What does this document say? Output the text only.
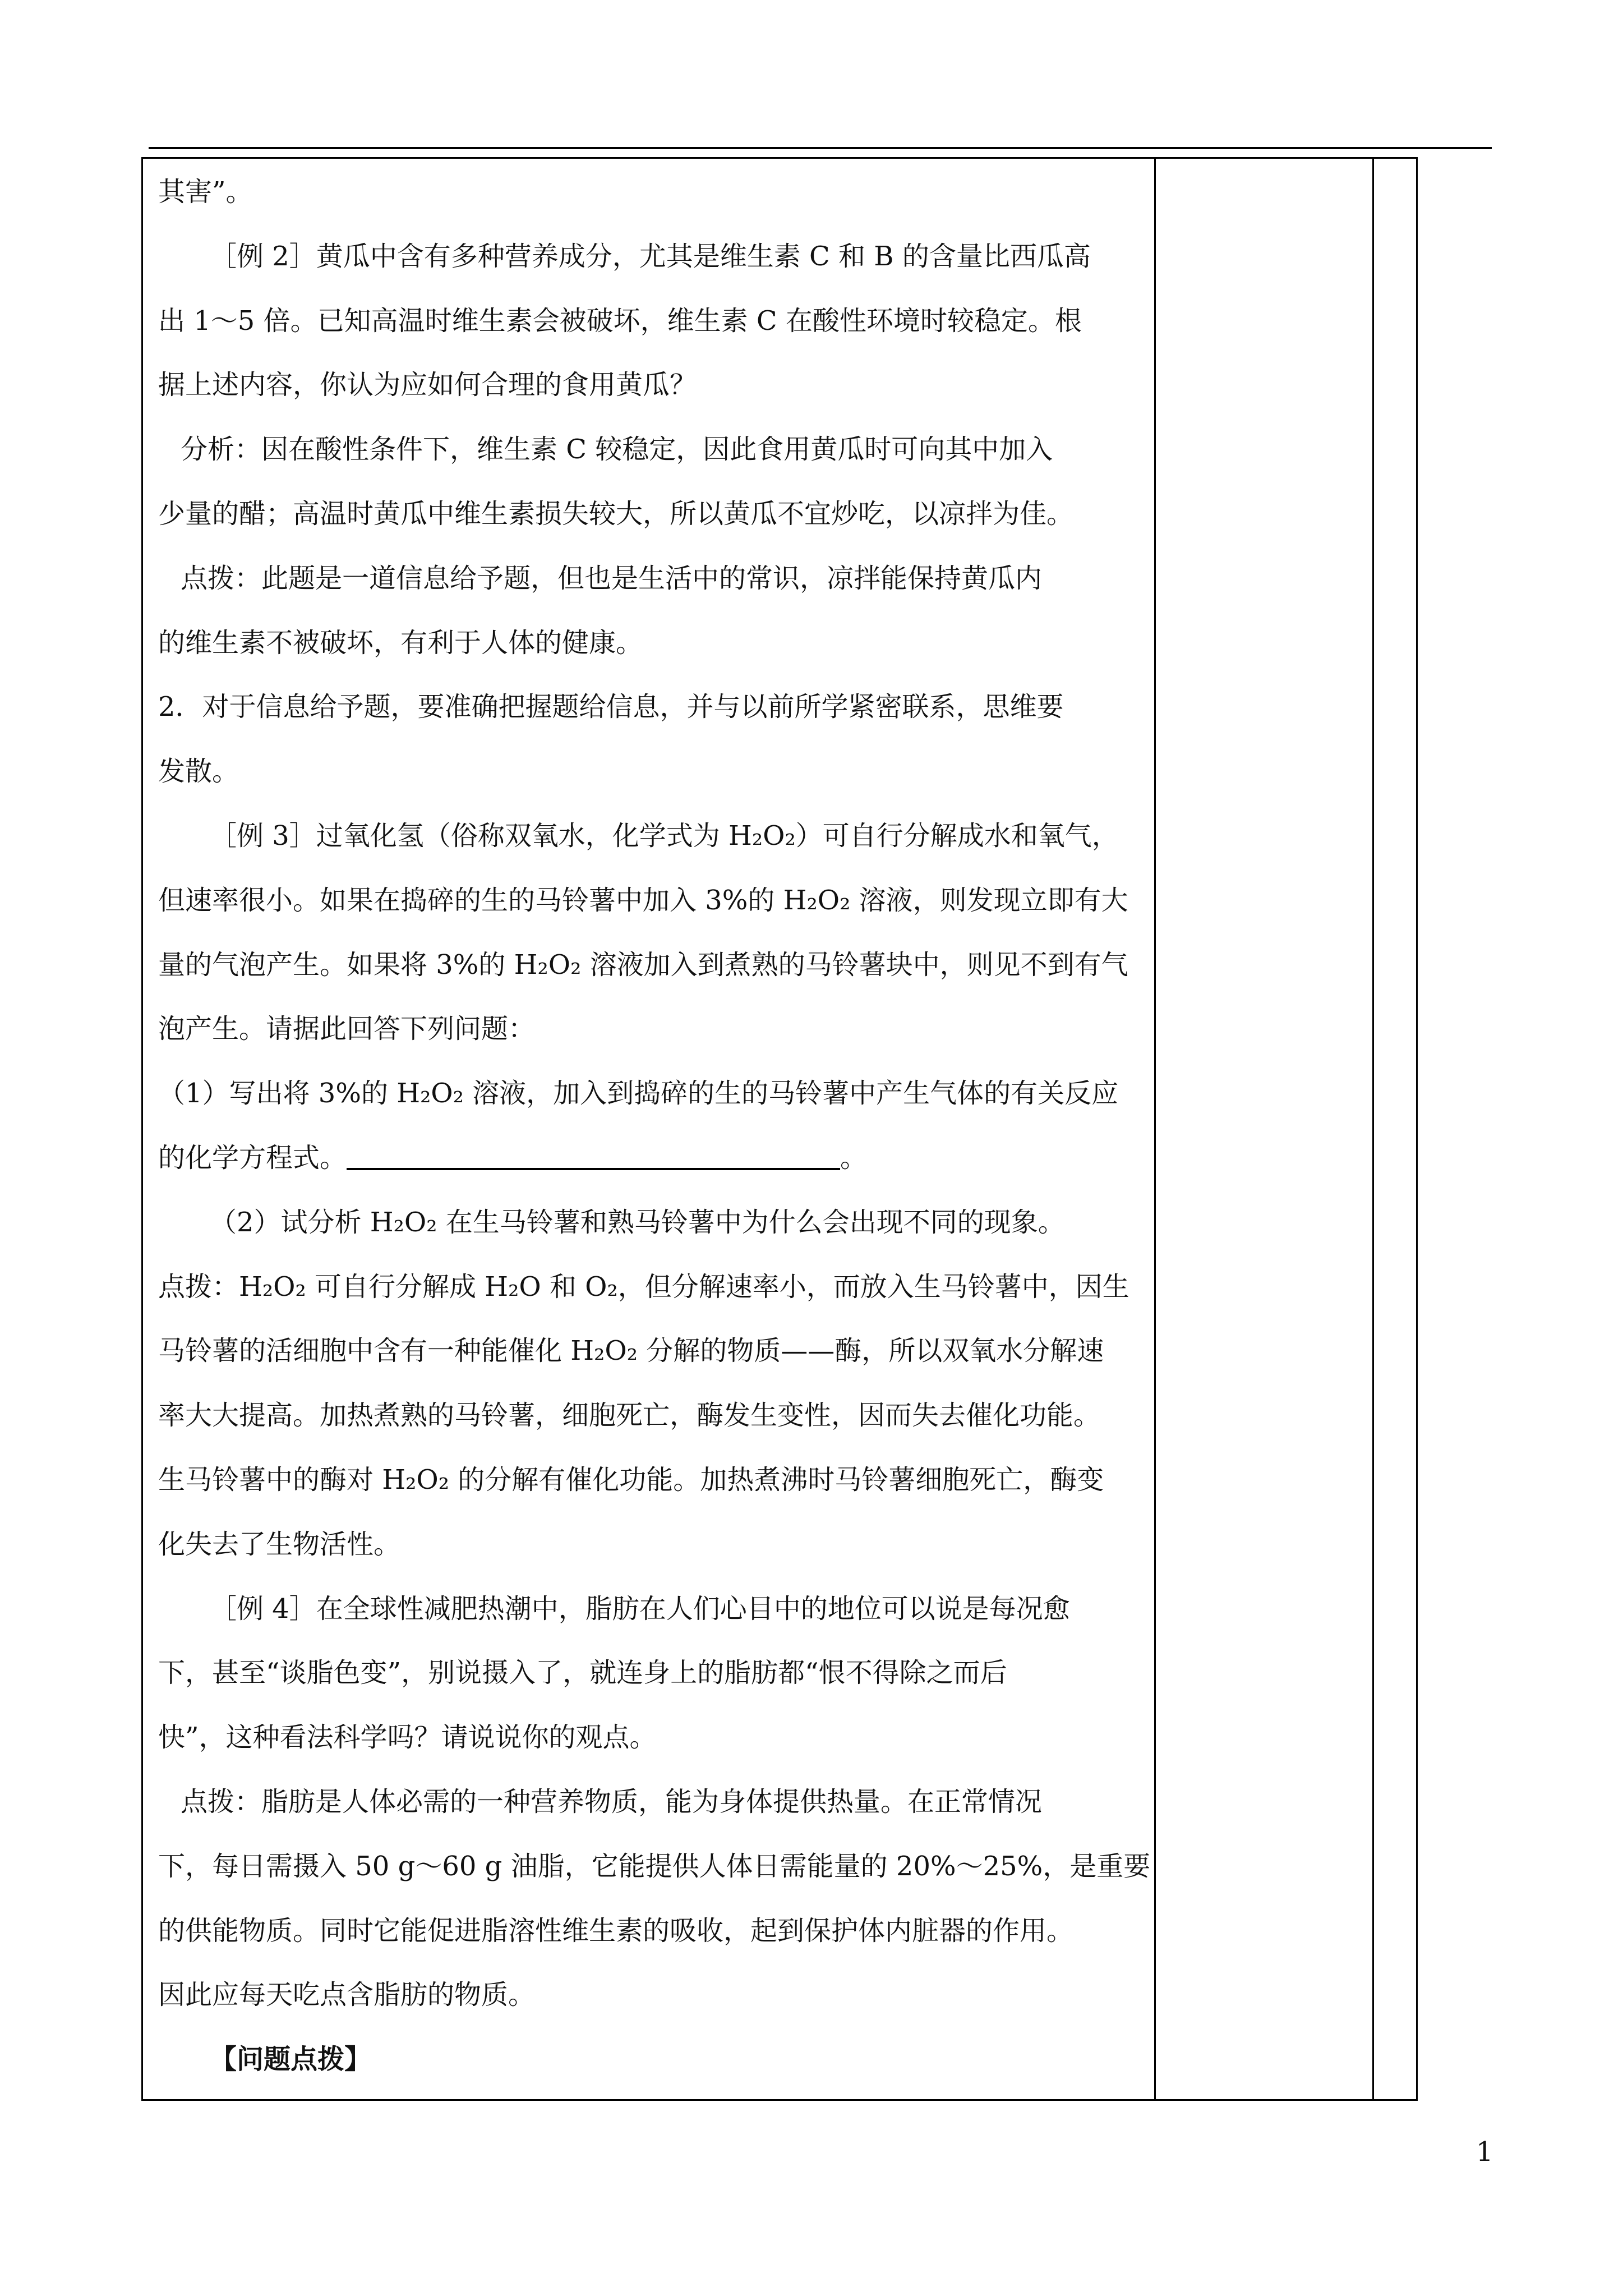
其害”。
［例 2］黄瓜中含有多种营养成分，尤其是维生素 C 和 B 的含量比西瓜高
出 1～5 倍。已知高温时维生素会被破坏，维生素 C 在酸性环境时较稳定。根
据上述内容，你认为应如何合理的食用黄瓜？
分析：因在酸性条件下，维生素 C 较稳定，因此食用黄瓜时可向其中加入
少量的醋；高温时黄瓜中维生素损失较大，所以黄瓜不宜炒吃，以凉拌为佳。
点拨：此题是一道信息给予题，但也是生活中的常识，凉拌能保持黄瓜内
的维生素不被破坏，有利于人体的健康。
2．对于信息给予题，要准确把握题给信息，并与以前所学紧密联系，思维要
发散。
［例 3］过氧化氢（俗称双氧水，化学式为 H₂O₂）可自行分解成水和氧气，
但速率很小。如果在捣碎的生的马铃薯中加入 3%的 H₂O₂ 溶液，则发现立即有大
量的气泡产生。如果将 3%的 H₂O₂ 溶液加入到煮熟的马铃薯块中，则见不到有气
泡产生。请据此回答下列问题：
（1）写出将 3%的 H₂O₂ 溶液，加入到捣碎的生的马铃薯中产生气体的有关反应
的化学方程式。	。
（2）试分析 H₂O₂ 在生马铃薯和熟马铃薯中为什么会出现不同的现象。
点拨：H₂O₂ 可自行分解成 H₂O 和 O₂，但分解速率小，而放入生马铃薯中，因生
马铃薯的活细胞中含有一种能催化 H₂O₂ 分解的物质——酶，所以双氧水分解速
率大大提高。加热煮熟的马铃薯，细胞死亡，酶发生变性，因而失去催化功能。
生马铃薯中的酶对 H₂O₂ 的分解有催化功能。加热煮沸时马铃薯细胞死亡，酶变
化失去了生物活性。
［例 4］在全球性减肥热潮中，脂肪在人们心目中的地位可以说是每况愈
下，甚至“谈脂色变”，别说摄入了，就连身上的脂肪都“恨不得除之而后
快”，这种看法科学吗？请说说你的观点。
点拨：脂肪是人体必需的一种营养物质，能为身体提供热量。在正常情况
下，每日需摄入 50 g～60 g 油脂，它能提供人体日需能量的 20%～25%，是重要
的供能物质。同时它能促进脂溶性维生素的吸收，起到保护体内脏器的作用。
因此应每天吃点含脂肪的物质。
【问题点拨】
1
